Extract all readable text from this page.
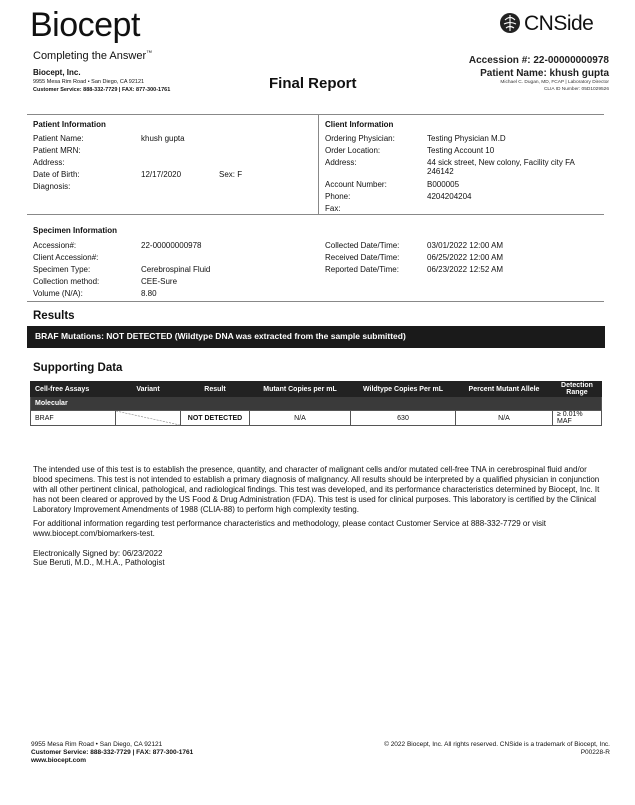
Biocept
Completing the Answer™
Biocept, Inc.
9955 Mesa Rim Road • San Diego, CA 92121
Customer Service: 888-332-7729 | FAX: 877-300-1761	Final Report
CNSide
Accession #: 22-00000000978
Patient Name: khush gupta
Michael C. Dugan, MD, FCAP | Laboratory Director
CLIA ID Number: 05D1029526
Patient Information
Patient Name:	khush gupta
Patient MRN:
Address:
Date of Birth:	12/17/2020	Sex: F
Diagnosis:
Client Information
Ordering Physician:	Testing Physician M.D
Order Location:	Testing Account 10
Address:	44 sick street, New colony, Facility city FA
246142
Account Number:	B000005
Phone:	4204204204
Fax:
Specimen Information
Accession#:	22-00000000978
Client Accession#:
Specimen Type:	Cerebrospinal Fluid
Collection method:	CEE-Sure
Volume (N/A):	8.80
Collected Date/Time:	03/01/2022 12:00 AM
Received Date/Time:	06/25/2022 12:00 AM
Reported Date/Time:	06/23/2022 12:52 AM
Results
BRAF Mutations: NOT DETECTED (Wildtype DNA was extracted from the sample submitted)
Supporting Data
Cell-free Assays	Variant	Result	Mutant Copies per mL	Wildtype Copies Per mL	Percent Mutant Allele	Detection Range
Molecular						
BRAF		NOT DETECTED	N/A	630	N/A	≥ 0.01% MAF
The intended use of this test is to establish the presence, quantity, and character of malignant cells and/or mutated cell-free TNA in cerebrospinal fluid and/or blood specimens. This test is not intended to establish a primary diagnosis of malignancy. All results should be interpreted by a qualified physician in conjunction with all other pertinent clinical, pathological, and radiological findings. This test was developed, and its performance characteristics determined by Biocept, Inc. It has not been cleared or approved by the US Food & Drug Administration (FDA). This test is used for clinical purposes. This laboratory is certified by the Clinical Laboratory Improvement Amendments of 1988 (CLIA-88) to perform high complexity testing.
For additional information regarding test performance characteristics and methodology, please contact Customer Service at 888-332-7729 or visit www.biocept.com/biomarkers-test.
Electronically Signed by: 06/23/2022
Sue Beruti, M.D., M.H.A., Pathologist
9955 Mesa Rim Road • San Diego, CA 92121
Customer Service: 888-332-7729 | FAX: 877-300-1761
www.biocept.com
© 2022 Biocept, Inc. All rights reserved. CNSide is a trademark of Biocept, Inc.
P00228-R
